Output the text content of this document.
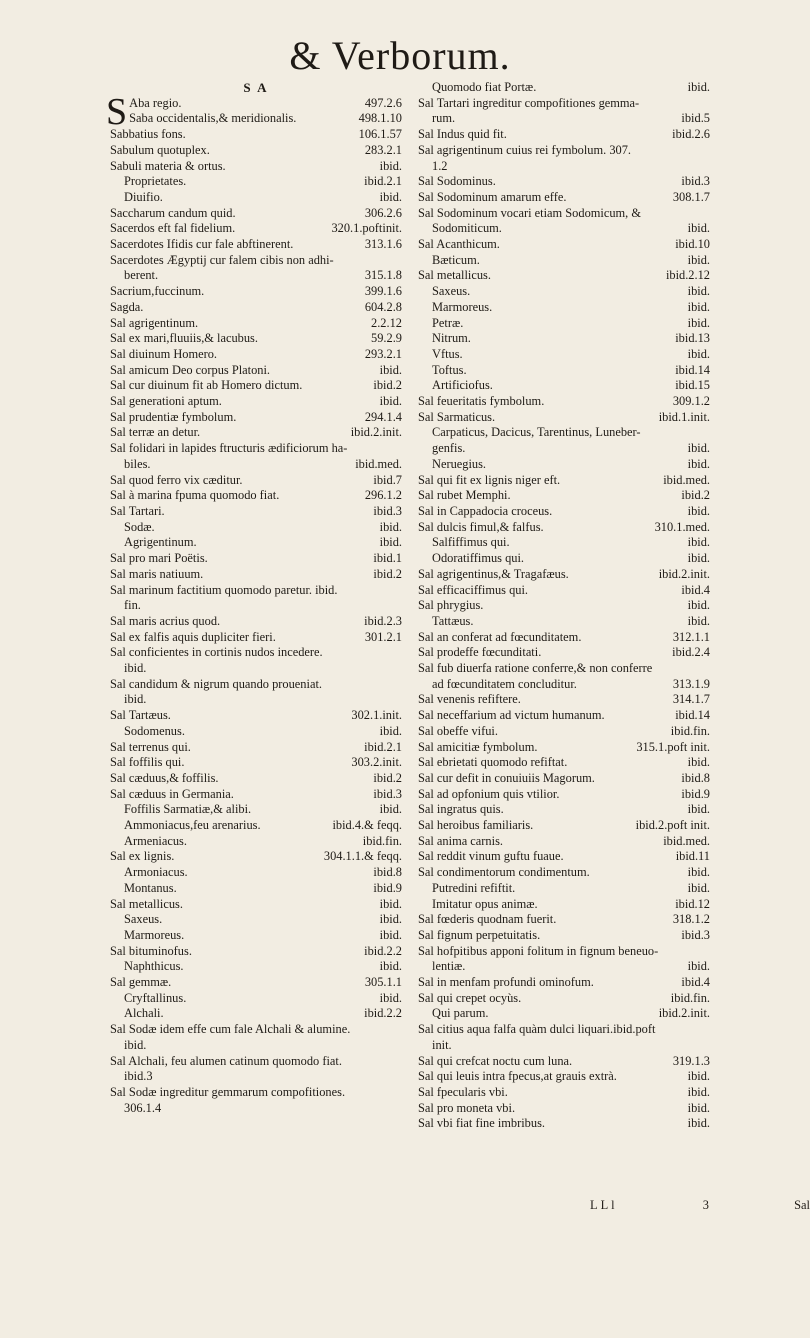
& Verborum.
S A
S Aba regio.	497.2.6
Saba occidentalis,& meridionalis.	498.1.10
Sabbatius fons.	106.1.57
Sabulum quotuplex.	283.2.1
Sabuli materia & ortus.	ibid.
Proprietates.	ibid.2.1
Diuifio.	ibid.
Saccharum candum quid.	306.2.6
Sacerdos eft fal fidelium.	320.1.poftinit.
Sacerdotes Ifidis cur fale abftinerent.	313.1.6
Sacerdotes Ægyptij cur falem cibis non adhi-
berent.	315.1.8
Sacrium,fuccinum.	399.1.6
Sagda.	604.2.8
Sal agrigentinum.	2.2.12
Sal ex mari,fluuiis,& lacubus.	59.2.9
Sal diuinum Homero.	293.2.1
Sal amicum Deo corpus Platoni.	ibid.
Sal cur diuinum fit ab Homero dictum.	ibid.2
Sal generationi aptum.	ibid.
Sal prudentiæ fymbolum.	294.1.4
Sal terræ an detur.	ibid.2.init.
Sal folidari in lapides ftructuris ædificiorum ha-
biles.	ibid.med.
Sal quod ferro vix cæditur.	ibid.7
Sal à marina fpuma quomodo fiat.	296.1.2
Sal Tartari.	ibid.3
Sodæ.	ibid.
Agrigentinum.	ibid.
Sal pro mari Poëtis.	ibid.1
Sal maris natiuum.	ibid.2
Sal marinum factitium quomodo paretur. ibid.
fin.
Sal maris acrius quod.	ibid.2.3
Sal ex falfis aquis dupliciter fieri.	301.2.1
Sal conficientes in cortinis nudos incedere.
ibid.
Sal candidum & nigrum quando proueniat.
ibid.
Sal Tartæus.	302.1.init.
Sodomenus.	ibid.
Sal terrenus qui.	ibid.2.1
Sal foffilis qui.	303.2.init.
Sal cæduus,& foffilis.	ibid.2
Sal cæduus in Germania.	ibid.3
Foffilis Sarmatiæ,& alibi.	ibid.
Ammoniacus,feu arenarius.	ibid.4.& feqq.
Armeniacus.	ibid.fin.
Sal ex lignis.	304.1.1.& feqq.
Armoniacus.	ibid.8
Montanus.	ibid.9
Sal metallicus.	ibid.
Saxeus.	ibid.
Marmoreus.	ibid.
Sal bituminofus.	ibid.2.2
Naphthicus.	ibid.
Sal gemmæ.	305.1.1
Cryftallinus.	ibid.
Alchali.	ibid.2.2
Sal Sodæ idem effe cum fale Alchali & alumine.
ibid.
Sal Alchali, feu alumen catinum quomodo fiat.
ibid.3
Sal Sodæ ingreditur gemmarum compofitiones.
306.1.4
Quomodo fiat Portæ.	ibid.
Sal Tartari ingreditur compofitiones gemma-
rum.	ibid.5
Sal Indus quid fit.	ibid.2.6
Sal agrigentinum cuius rei fymbolum. 307.
1.2
Sal Sodominus.	ibid.3
Sal Sodominum amarum effe.	308.1.7
Sal Sodominum vocari etiam Sodomicum, &
Sodomiticum.	ibid.
Sal Acanthicum.	ibid.10
Bæticum.	ibid.
Sal metallicus.	ibid.2.12
Saxeus.	ibid.
Marmoreus.	ibid.
Petræ.	ibid.
Nitrum.	ibid.13
Vftus.	ibid.
Toftus.	ibid.14
Artificiofus.	ibid.15
Sal feueritatis fymbolum.	309.1.2
Sal Sarmaticus.	ibid.1.init.
Carpaticus, Dacicus, Tarentinus, Luneber-
genfis.	ibid.
Neruegius.	ibid.
Sal qui fit ex lignis niger eft.	ibid.med.
Sal rubet Memphi.	ibid.2
Sal in Cappadocia croceus.	ibid.
Sal dulcis fimul,& falfus.	310.1.med.
Salfiffimus qui.	ibid.
Odoratiffimus qui.	ibid.
Sal agrigentinus,& Tragafæus.	ibid.2.init.
Sal efficaciffimus qui.	ibid.4
Sal phrygius.	ibid.
Tattæus.	ibid.
Sal an conferat ad fœcunditatem.	312.1.1
Sal prodeffe fœcunditati.	ibid.2.4
Sal fub diuerfa ratione conferre,& non conferre
ad fœcunditatem concluditur.	313.1.9
Sal venenis refiftere.	314.1.7
Sal neceffarium ad victum humanum.	ibid.14
Sal obeffe vifui.	ibid.fin.
Sal amicitiæ fymbolum.	315.1.poft init.
Sal ebrietati quomodo refiftat.	ibid.
Sal cur defit in conuiuiis Magorum.	ibid.8
Sal ad opfonium quis vtilior.	ibid.9
Sal ingratus quis.	ibid.
Sal heroibus familiaris.	ibid.2.poft init.
Sal anima carnis.	ibid.med.
Sal reddit vinum guftu fuaue.	ibid.11
Sal condimentorum condimentum.	ibid.
Putredini refiftit.	ibid.
Imitatur opus animæ.	ibid.12
Sal fœderis quodnam fuerit.	318.1.2
Sal fignum perpetuitatis.	ibid.3
Sal hofpitibus apponi folitum in fignum beneuo-
lentiæ.	ibid.
Sal in menfam profundi ominofum.	ibid.4
Sal qui crepet ocyùs.	ibid.fin.
Qui parum.	ibid.2.init.
Sal citius aqua falfa quàm dulci liquari.ibid.poft
init.
Sal qui crefcat noctu cum luna.	319.1.3
Sal qui leuis intra fpecus,at grauis extrà.	ibid.
Sal fpecularis vbi.	ibid.
Sal pro moneta vbi.	ibid.
Sal vbi fiat fine imbribus.	ibid.
LLl	3	Sal
